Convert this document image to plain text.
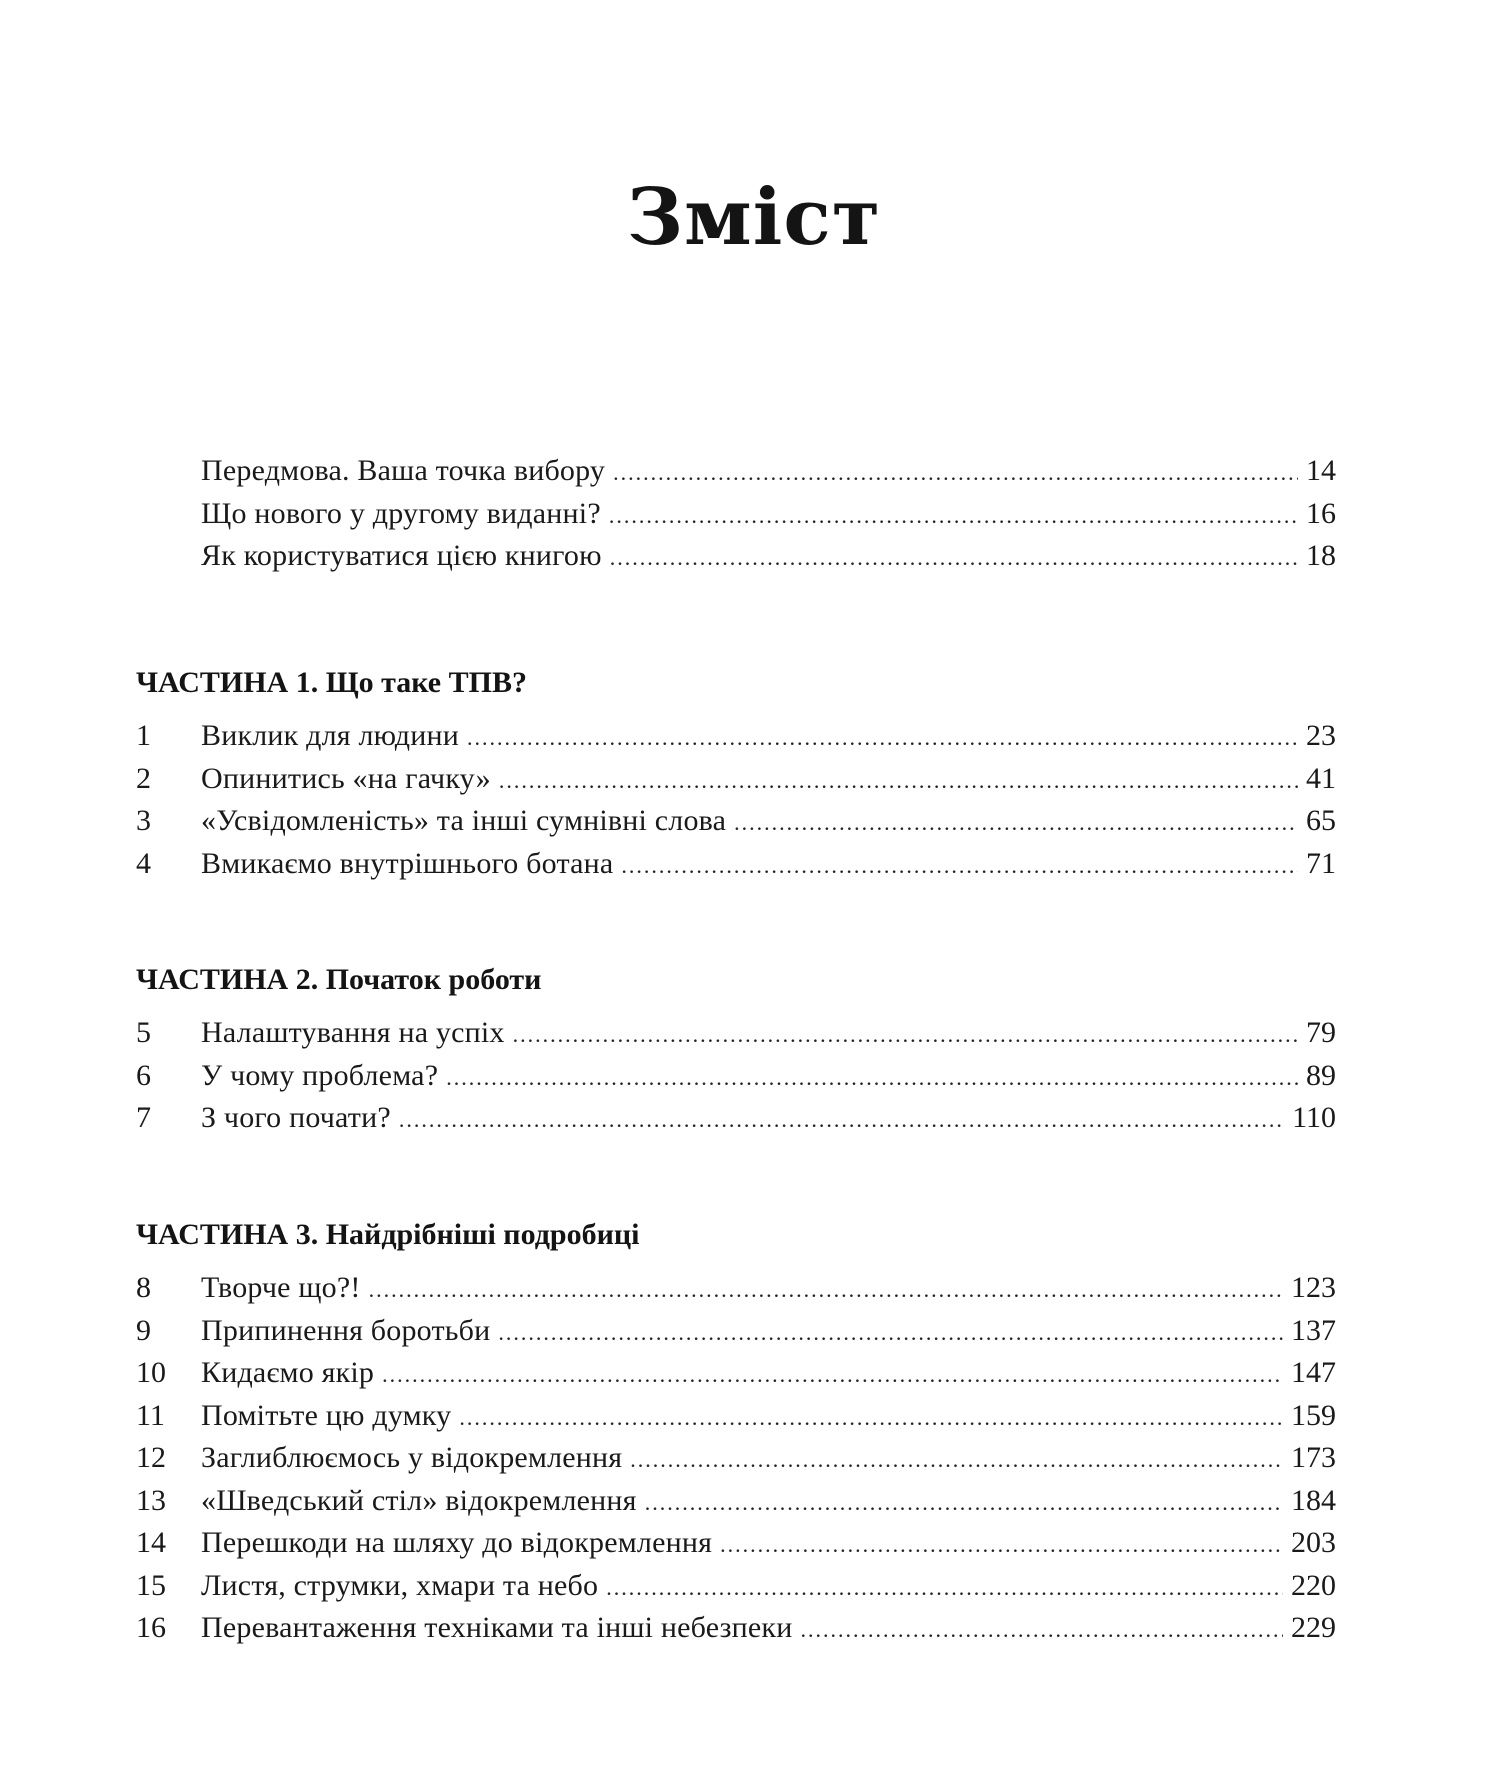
Зміст
Передмова. Ваша точка вибору .....	14
Що нового у другому виданні? .....	16
Як користуватися цією книгою .....	18
ЧАСТИНА 1. Що таке ТПВ?
1	Виклик для людини .....	23
2	Опинитись «на гачку» .....	41
3	«Усвідомленість» та інші сумнівні слова .....	65
4	Вмикаємо внутрішнього ботана .....	71
ЧАСТИНА 2. Початок роботи
5	Налаштування на успіх .....	79
6	У чому проблема? .....	89
7	З чого почати? .....	110
ЧАСТИНА 3. Найдрібніші подробиці
8	Творче що?! .....	123
9	Припинення боротьби .....	137
10	Кидаємо якір .....	147
11	Помітьте цю думку .....	159
12	Заглиблюємось у відокремлення .....	173
13	«Шведський стіл» відокремлення .....	184
14	Перешкоди на шляху до відокремлення .....	203
15	Листя, струмки, хмари та небо .....	220
16	Перевантаження техніками та інші небезпеки .....	229
